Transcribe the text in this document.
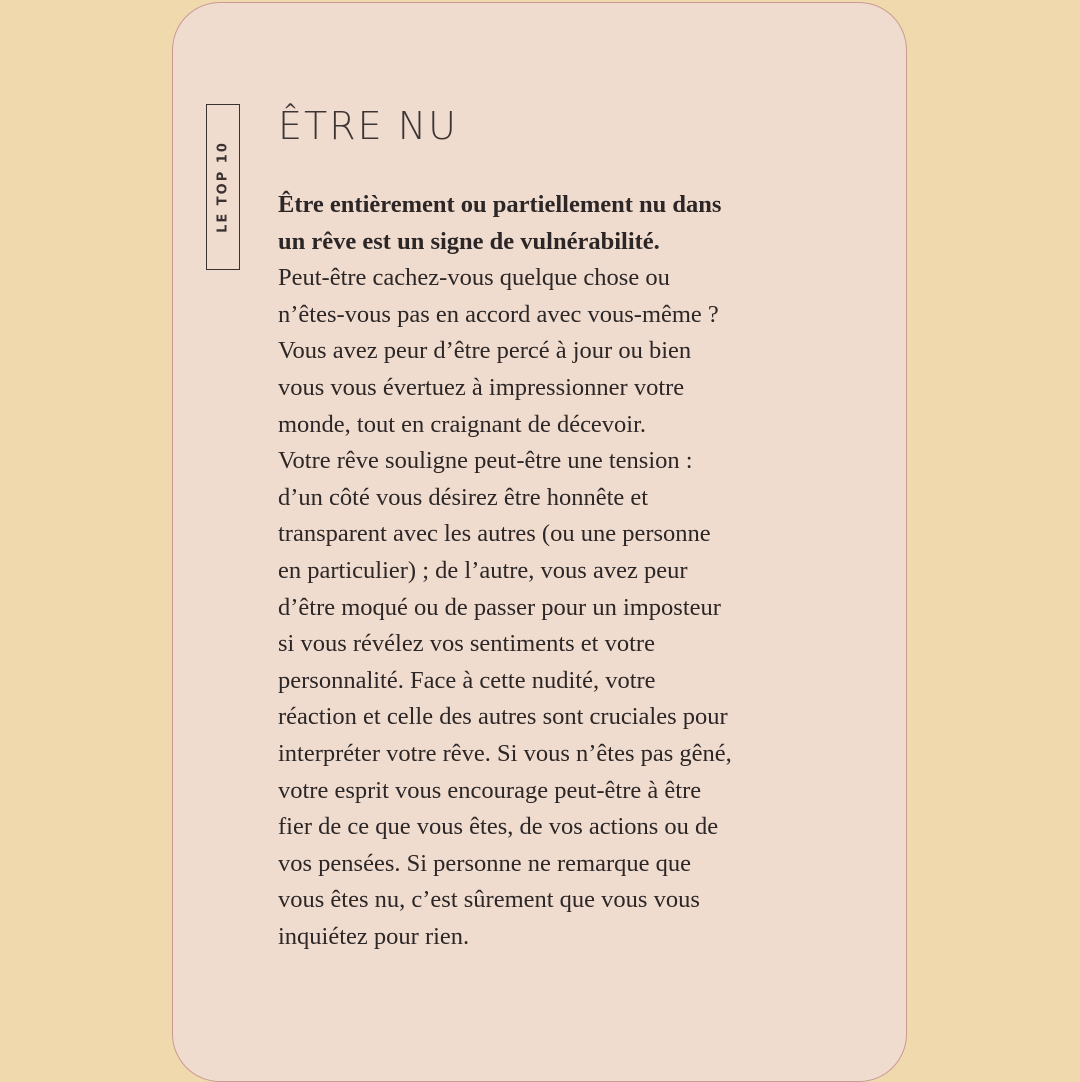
LE TOP 10
ÊTRE NU
Être entièrement ou partiellement nu dans
un rêve est un signe de vulnérabilité.
Peut-être cachez-vous quelque chose ou
n’êtes-vous pas en accord avec vous-même ?
Vous avez peur d’être percé à jour ou bien
vous vous évertuez à impressionner votre
monde, tout en craignant de décevoir.
Votre rêve souligne peut-être une tension :
d’un côté vous désirez être honnête et
transparent avec les autres (ou une personne
en particulier) ; de l’autre, vous avez peur
d’être moqué ou de passer pour un imposteur
si vous révélez vos sentiments et votre
personnalité. Face à cette nudité, votre
réaction et celle des autres sont cruciales pour
interpréter votre rêve. Si vous n’êtes pas gêné,
votre esprit vous encourage peut-être à être
fier de ce que vous êtes, de vos actions ou de
vos pensées. Si personne ne remarque que
vous êtes nu, c’est sûrement que vous vous
inquiétez pour rien.
